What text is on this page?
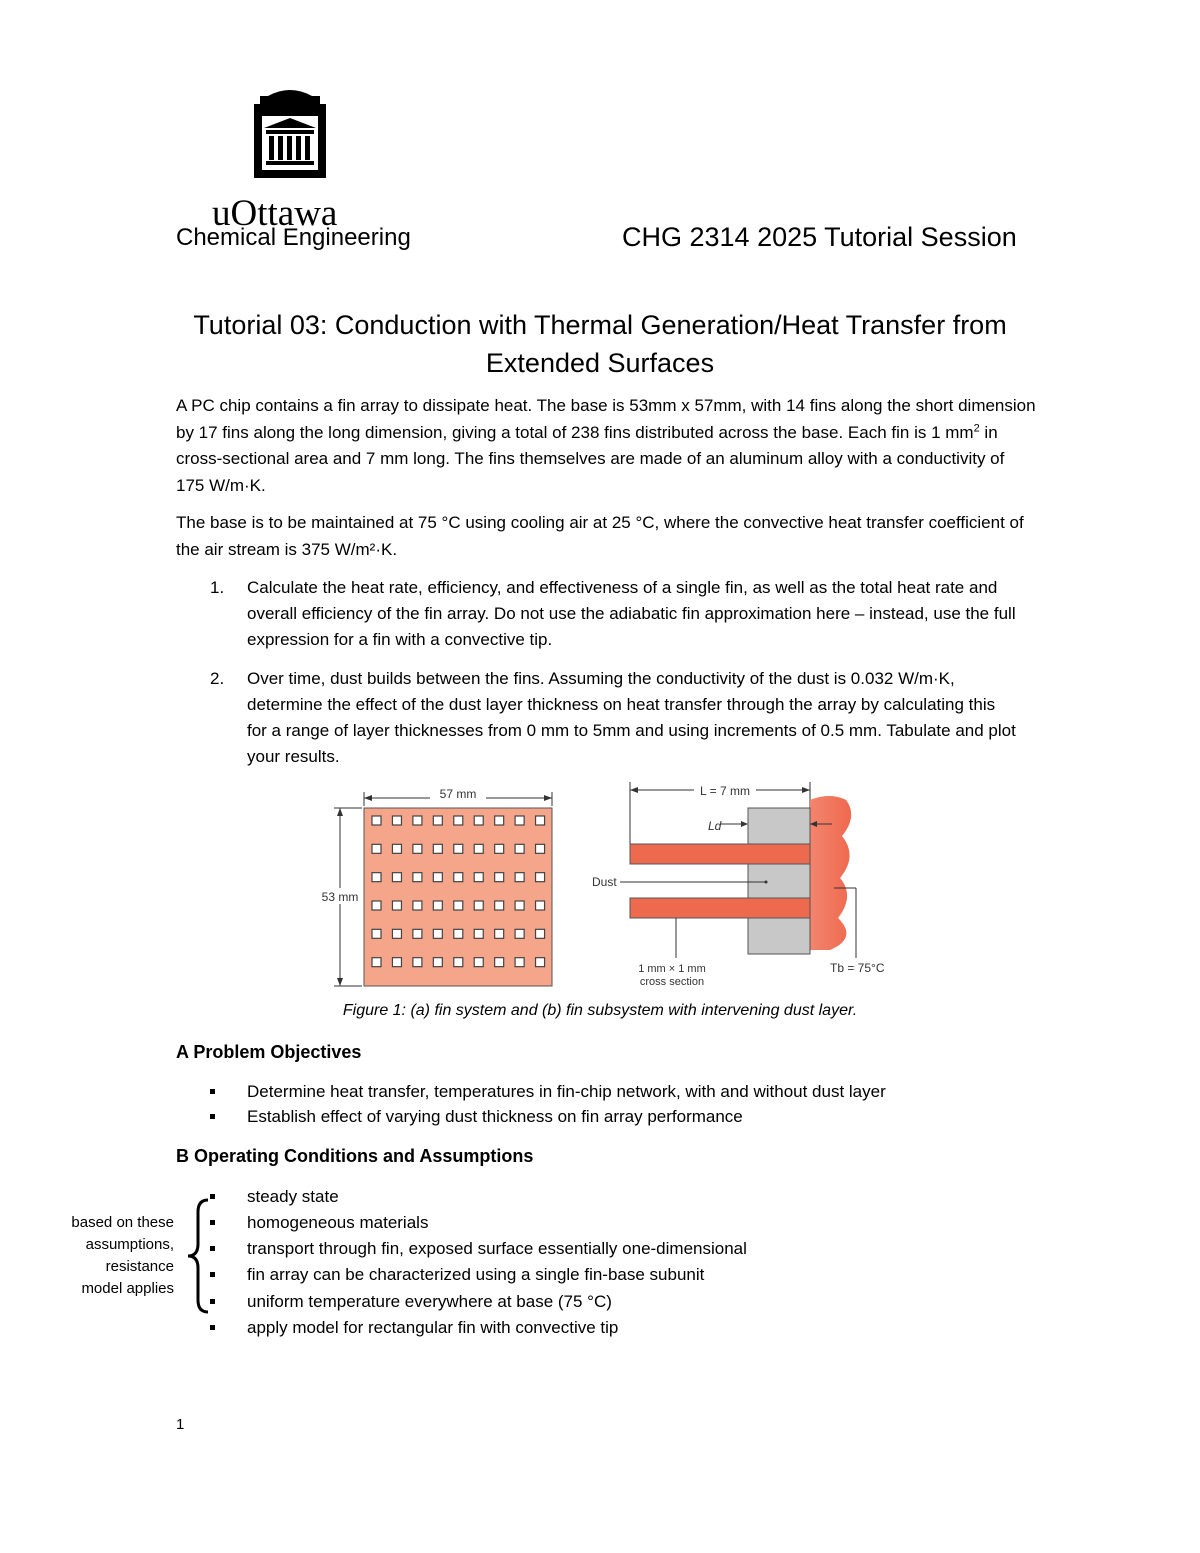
uOttawa
Chemical Engineering	CHG 2314 2025 Tutorial Session
Tutorial 03: Conduction with Thermal Generation/Heat Transfer from Extended Surfaces
A PC chip contains a fin array to dissipate heat. The base is 53mm x 57mm, with 14 fins along the short dimension by 17 fins along the long dimension, giving a total of 238 fins distributed across the base. Each fin is 1 $mm^2$ in cross-sectional area and 7 mm long. The fins themselves are made of an aluminum alloy with a conductivity of 175 W/m·K.
The base is to be maintained at 75 °C using cooling air at 25 °C, where the convective heat transfer coefficient of the air stream is 375 W/m²·K.
1. Calculate the heat rate, efficiency, and effectiveness of a single fin, as well as the total heat rate and overall efficiency of the fin array. Do not use the adiabatic fin approximation here – instead, use the full expression for a fin with a convective tip.
2. Over time, dust builds between the fins. Assuming the conductivity of the dust is 0.032 W/m·K, determine the effect of the dust layer thickness on heat transfer through the array by calculating this for a range of layer thicknesses from 0 mm to 5mm and using increments of 0.5 mm. Tabulate and plot your results.
57 mm
53 mm
L = 7 mm
Ld
Dust
1 mm × 1 mm
cross section
Tb = 75°C
Figure 1: (a) fin system and (b) fin subsystem with intervening dust layer.
A Problem Objectives
Determine heat transfer, temperatures in fin-chip network, with and without dust layer
Establish effect of varying dust thickness on fin array performance
B Operating Conditions and Assumptions
steady state
homogeneous materials
transport through fin, exposed surface essentially one-dimensional
fin array can be characterized using a single fin-base subunit
uniform temperature everywhere at base (75 °C)
apply model for rectangular fin with convective tip
based on these
assumptions,
resistance
model applies
1
